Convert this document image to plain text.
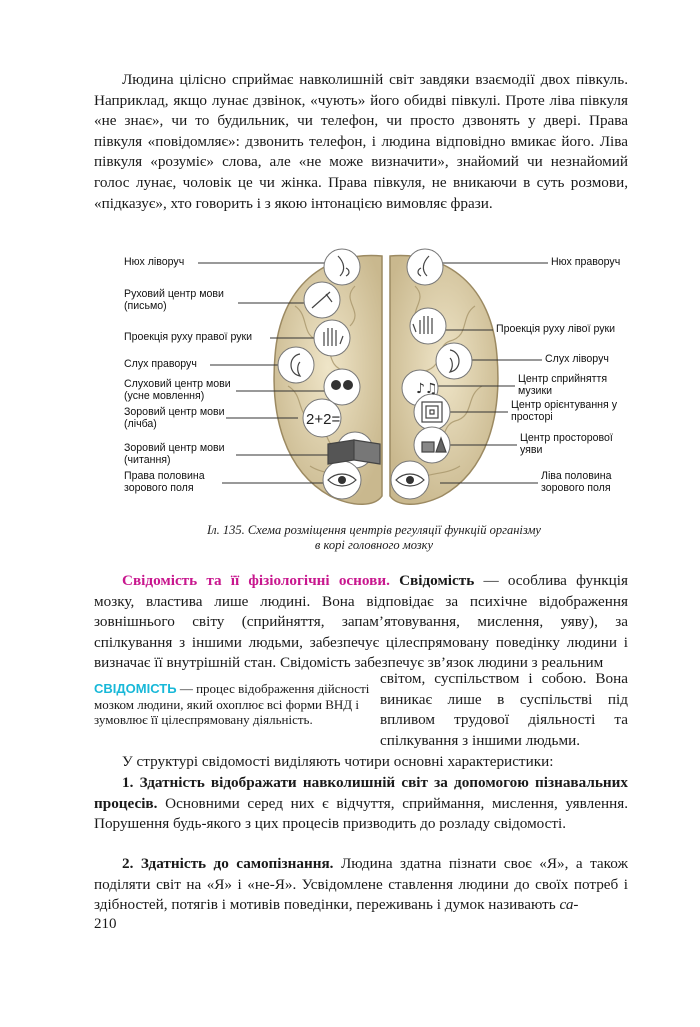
Людина цілісно сприймає навколишній світ завдяки взаємодії двох півкуль. Наприклад, якщо лунає дзвінок, «чують» його обидві півкулі. Проте ліва півкуля «не знає», чи то будильник, чи телефон, чи просто дзвонять у двері. Права півкуля «повідомляє»: дзвонить телефон, і людина відповідно вмикає його. Ліва півкуля «розуміє» слова, але «не може визначити», знайомий чи незнайомий голос лунає, чоловік це чи жінка. Права півкуля, не вникаючи в суть розмови, «підказує», хто говорить і з якою інтонацією вимовляє фрази.
♪♫
2+2=
Нюх ліворуч
Руховий центр мови (письмо)
Проекція руху правої руки
Слух праворуч
Слуховий центр мови (усне мовлення)
Зоровий центр мови (лічба)
Зоровий центр мови (читання)
Права половина зорового поля
Нюх праворуч
Проекція руху лівої руки
Слух ліворуч
Центр сприйняття музики
Центр орієнтування у просторі
Центр просторової уяви
Ліва половина зорового поля
Іл. 135. Схема розміщення центрів регуляції функцій організму
в корі головного мозку
Свідомість та її фізіологічні основи. Свідомість — особлива функція мозку, властива лише людині. Вона відповідає за психічне відображення зовнішнього світу (сприйняття, запам’ятовування, мислення, уяву), за спілкування з іншими людьми, забезпечує цілеспрямовану поведінку людини і визначає її внутрішній стан. Свідомість забезпечує зв’язок людини з реальним
СВІДОМІСТЬ — процес відображення дійсності мозком людини, який охоплює всі форми ВНД і зумовлює її цілеспрямовану діяльність.
світом, суспільством і собою. Вона виникає лише в суспільстві під впливом трудової діяльності та спілкування з іншими людьми.
У структурі свідомості виділяють чотири основні характеристики:
1. Здатність відображати навколишній світ за допомогою пізнавальних процесів. Основними серед них є відчуття, сприймання, мислення, уявлення. Порушення будь-якого з цих процесів призводить до розладу свідомості.
2. Здатність до самопізнання. Людина здатна пізнати своє «Я», а також поділяти світ на «Я» і «не-Я». Усвідомлене ставлення людини до своїх потреб і здібностей, потягів і мотивів поведінки, переживань і думок називають са-
210
